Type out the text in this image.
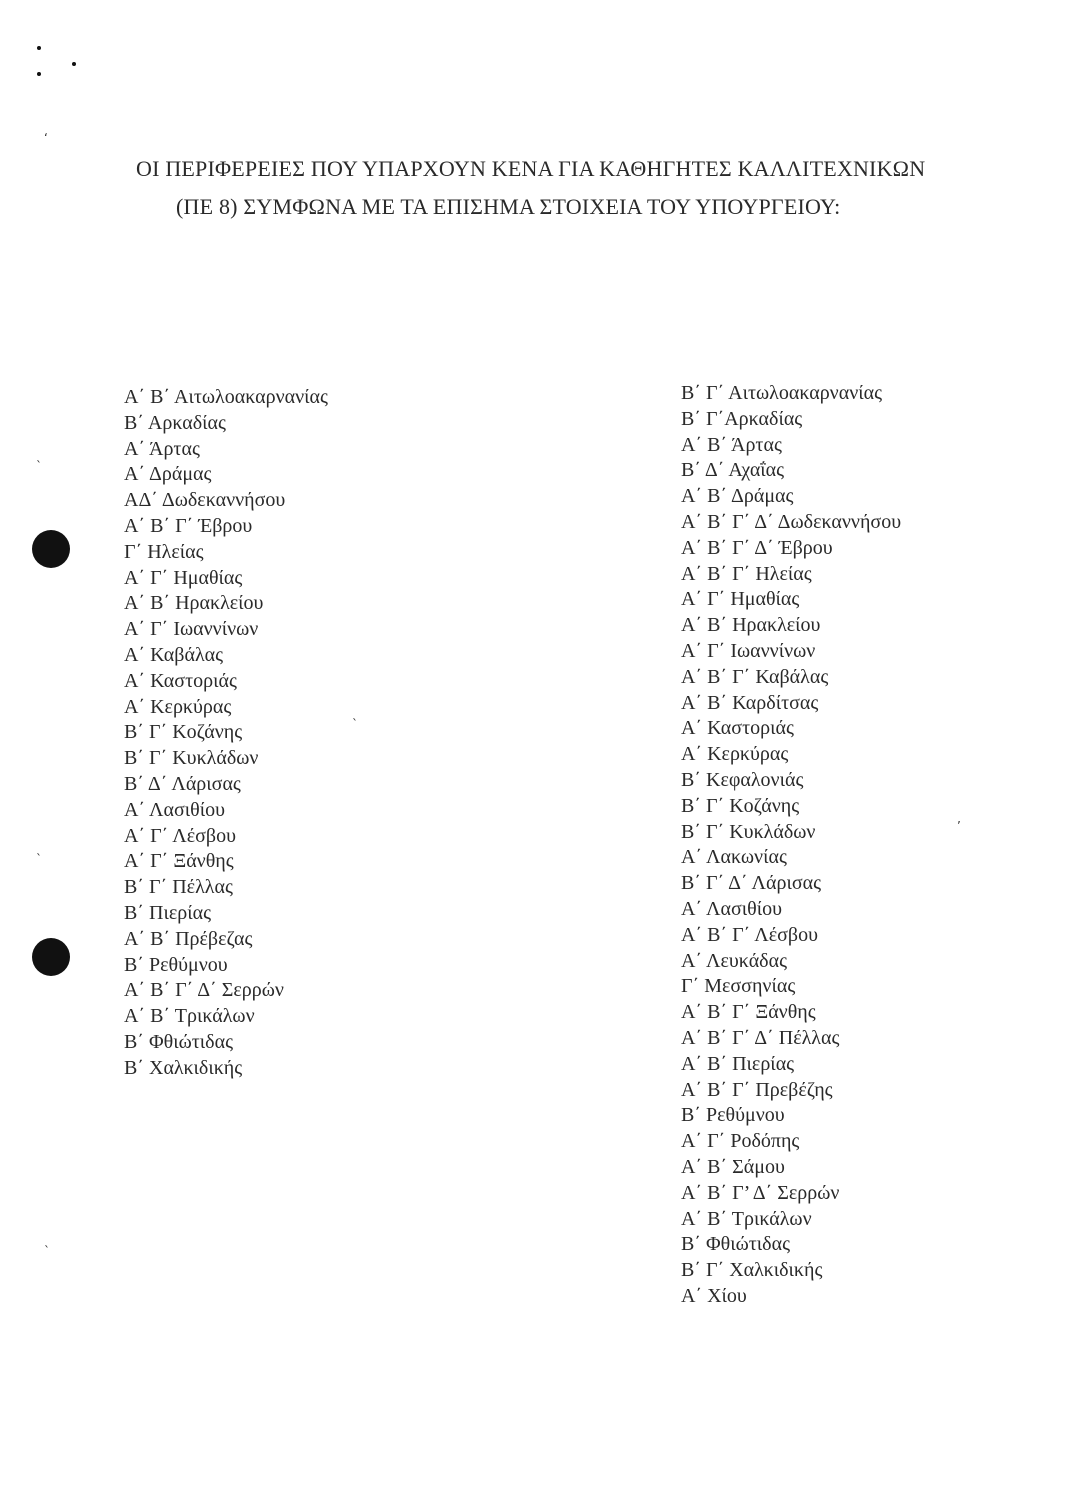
‘
`
`
`
`
’
ΟΙ ΠΕΡΙΦΕΡΕΙΕΣ ΠΟΥ ΥΠΑΡΧΟΥΝ ΚΕΝΑ ΓΙΑ ΚΑΘΗΓΗΤΕΣ ΚΑΛΛΙΤΕΧΝΙΚΩΝ
(ΠΕ 8) ΣΥΜΦΩΝΑ ΜΕ ΤΑ ΕΠΙΣΗΜΑ ΣΤΟΙΧΕΙΑ ΤΟΥ ΥΠΟΥΡΓΕΙΟΥ:
Α΄ Β΄ Αιτωλοακαρνανίας
Β΄ Αρκαδίας
Α΄ Άρτας
Α΄ Δράμας
ΑΔ΄ Δωδεκαννήσου
Α΄ Β΄ Γ΄ Έβρου
Γ΄ Ηλείας
Α΄ Γ΄ Ημαθίας
Α΄ Β΄ Ηρακλείου
Α΄ Γ΄ Ιωαννίνων
Α΄ Καβάλας
Α΄ Καστοριάς
Α΄ Κερκύρας
Β΄ Γ΄ Κοζάνης
Β΄ Γ΄ Κυκλάδων
Β΄ Δ΄ Λάρισας
Α΄ Λασιθίου
Α΄ Γ΄ Λέσβου
Α΄ Γ΄ Ξάνθης
Β΄ Γ΄ Πέλλας
Β΄ Πιερίας
Α΄ Β΄ Πρέβεζας
Β΄ Ρεθύμνου
Α΄ Β΄ Γ΄ Δ΄ Σερρών
Α΄ Β΄ Τρικάλων
Β΄ Φθιώτιδας
Β΄ Χαλκιδικής
Β΄ Γ΄ Αιτωλοακαρνανίας
Β΄ Γ΄Αρκαδίας
Α΄ Β΄ Άρτας
Β΄ Δ΄ Αχαΐας
Α΄ Β΄ Δράμας
Α΄ Β΄ Γ΄ Δ΄ Δωδεκαννήσου
Α΄ Β΄ Γ΄ Δ΄ Έβρου
Α΄ Β΄ Γ΄ Ηλείας
Α΄ Γ΄ Ημαθίας
Α΄ Β΄ Ηρακλείου
Α΄ Γ΄ Ιωαννίνων
Α΄ Β΄ Γ΄ Καβάλας
Α΄ Β΄ Καρδίτσας
Α΄ Καστοριάς
Α΄ Κερκύρας
Β΄ Κεφαλονιάς
Β΄ Γ΄ Κοζάνης
Β΄ Γ΄ Κυκλάδων
Α΄ Λακωνίας
Β΄ Γ΄ Δ΄ Λάρισας
Α΄ Λασιθίου
Α΄ Β΄ Γ΄ Λέσβου
Α΄ Λευκάδας
Γ΄ Μεσσηνίας
Α΄ Β΄ Γ΄ Ξάνθης
Α΄ Β΄ Γ΄ Δ΄ Πέλλας
Α΄ Β΄ Πιερίας
Α΄ Β΄ Γ΄ Πρεβέζης
Β΄ Ρεθύμνου
Α΄ Γ΄ Ροδόπης
Α΄ Β΄ Σάμου
Α΄ Β΄ Γ’ Δ΄ Σερρών
Α΄ Β΄ Τρικάλων
Β΄ Φθιώτιδας
Β΄ Γ΄ Χαλκιδικής
Α΄ Χίου
